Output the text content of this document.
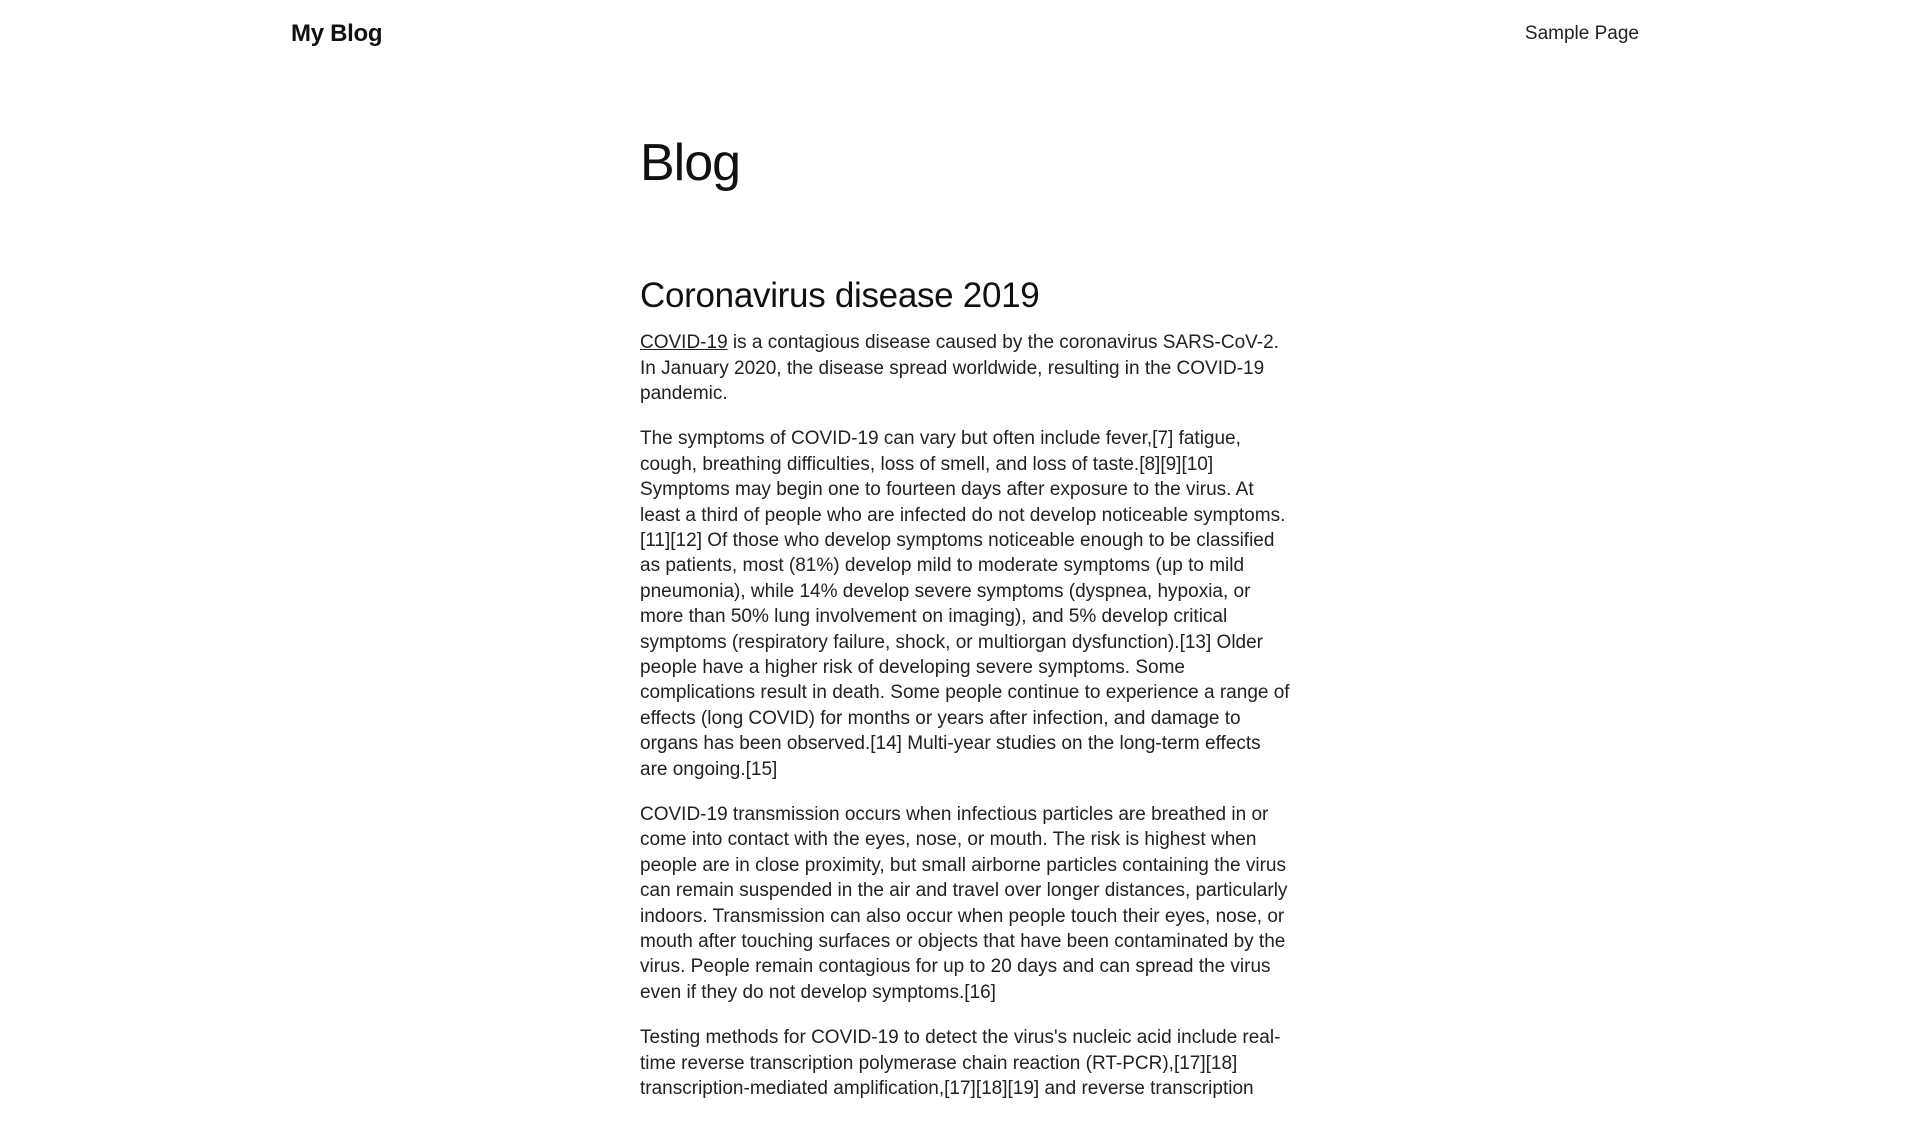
My Blog	Sample Page
Blog
Coronavirus disease 2019

COVID-19 is a contagious disease caused by the coronavirus SARS-CoV-2. In January 2020, the disease spread worldwide, resulting in the COVID-19 pandemic.

The symptoms of COVID-19 can vary but often include fever,[7] fatigue, cough, breathing difficulties, loss of smell, and loss of taste.[8][9][10] Symptoms may begin one to fourteen days after exposure to the virus. At least a third of people who are infected do not develop noticeable symptoms.[11][12] Of those who develop symptoms noticeable enough to be classified as patients, most (81%) develop mild to moderate symptoms (up to mild pneumonia), while 14% develop severe symptoms (dyspnea, hypoxia, or more than 50% lung involvement on imaging), and 5% develop critical symptoms (respiratory failure, shock, or multiorgan dysfunction).[13] Older people have a higher risk of developing severe symptoms. Some complications result in death. Some people continue to experience a range of effects (long COVID) for months or years after infection, and damage to organs has been observed.[14] Multi-year studies on the long-term effects are ongoing.[15]

COVID-19 transmission occurs when infectious particles are breathed in or come into contact with the eyes, nose, or mouth. The risk is highest when people are in close proximity, but small airborne particles containing the virus can remain suspended in the air and travel over longer distances, particularly indoors. Transmission can also occur when people touch their eyes, nose, or mouth after touching surfaces or objects that have been contaminated by the virus. People remain contagious for up to 20 days and can spread the virus even if they do not develop symptoms.[16]

Testing methods for COVID-19 to detect the virus's nucleic acid include real-time reverse transcription polymerase chain reaction (RT-PCR),[17][18] transcription-mediated amplification,[17][18][19] and reverse transcription
